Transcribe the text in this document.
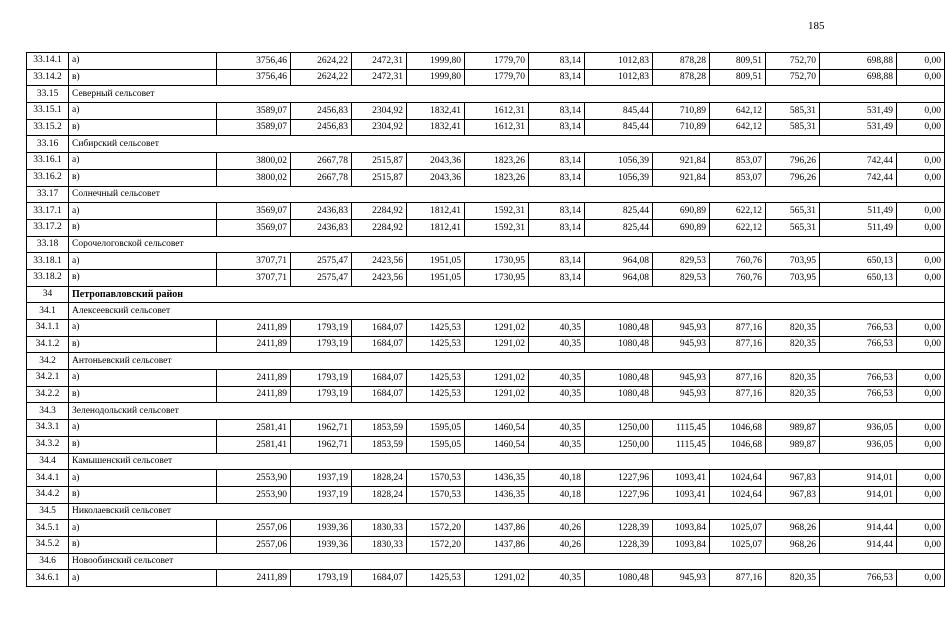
185
33.14.1	а)	3756,46	2624,22	2472,31	1999,80	1779,70	83,14	1012,83	878,28	809,51	752,70	698,88	0,00
33.14.2	в)	3756,46	2624,22	2472,31	1999,80	1779,70	83,14	1012,83	878,28	809,51	752,70	698,88	0,00
33.15	Северный сельсовет												
33.15.1	а)	3589,07	2456,83	2304,92	1832,41	1612,31	83,14	845,44	710,89	642,12	585,31	531,49	0,00
33.15.2	в)	3589,07	2456,83	2304,92	1832,41	1612,31	83,14	845,44	710,89	642,12	585,31	531,49	0,00
33.16	Сибирский сельсовет												
33.16.1	а)	3800,02	2667,78	2515,87	2043,36	1823,26	83,14	1056,39	921,84	853,07	796,26	742,44	0,00
33.16.2	в)	3800,02	2667,78	2515,87	2043,36	1823,26	83,14	1056,39	921,84	853,07	796,26	742,44	0,00
33.17	Солнечный сельсовет												
33.17.1	а)	3569,07	2436,83	2284,92	1812,41	1592,31	83,14	825,44	690,89	622,12	565,31	511,49	0,00
33.17.2	в)	3569,07	2436,83	2284,92	1812,41	1592,31	83,14	825,44	690,89	622,12	565,31	511,49	0,00
33.18	Сорочелоговской сельсовет												
33.18.1	а)	3707,71	2575,47	2423,56	1951,05	1730,95	83,14	964,08	829,53	760,76	703,95	650,13	0,00
33.18.2	в)	3707,71	2575,47	2423,56	1951,05	1730,95	83,14	964,08	829,53	760,76	703,95	650,13	0,00
34	Петропавловский район												
34.1	Алексеевский сельсовет												
34.1.1	а)	2411,89	1793,19	1684,07	1425,53	1291,02	40,35	1080,48	945,93	877,16	820,35	766,53	0,00
34.1.2	в)	2411,89	1793,19	1684,07	1425,53	1291,02	40,35	1080,48	945,93	877,16	820,35	766,53	0,00
34.2	Антоньевский сельсовет												
34.2.1	а)	2411,89	1793,19	1684,07	1425,53	1291,02	40,35	1080,48	945,93	877,16	820,35	766,53	0,00
34.2.2	в)	2411,89	1793,19	1684,07	1425,53	1291,02	40,35	1080,48	945,93	877,16	820,35	766,53	0,00
34.3	Зеленодольский сельсовет												
34.3.1	а)	2581,41	1962,71	1853,59	1595,05	1460,54	40,35	1250,00	1115,45	1046,68	989,87	936,05	0,00
34.3.2	в)	2581,41	1962,71	1853,59	1595,05	1460,54	40,35	1250,00	1115,45	1046,68	989,87	936,05	0,00
34.4	Камышенский сельсовет												
34.4.1	а)	2553,90	1937,19	1828,24	1570,53	1436,35	40,18	1227,96	1093,41	1024,64	967,83	914,01	0,00
34.4.2	в)	2553,90	1937,19	1828,24	1570,53	1436,35	40,18	1227,96	1093,41	1024,64	967,83	914,01	0,00
34.5	Николаевский сельсовет												
34.5.1	а)	2557,06	1939,36	1830,33	1572,20	1437,86	40,26	1228,39	1093,84	1025,07	968,26	914,44	0,00
34.5.2	в)	2557,06	1939,36	1830,33	1572,20	1437,86	40,26	1228,39	1093,84	1025,07	968,26	914,44	0,00
34.6	Новообинский сельсовет												
34.6.1	а)	2411,89	1793,19	1684,07	1425,53	1291,02	40,35	1080,48	945,93	877,16	820,35	766,53	0,00
